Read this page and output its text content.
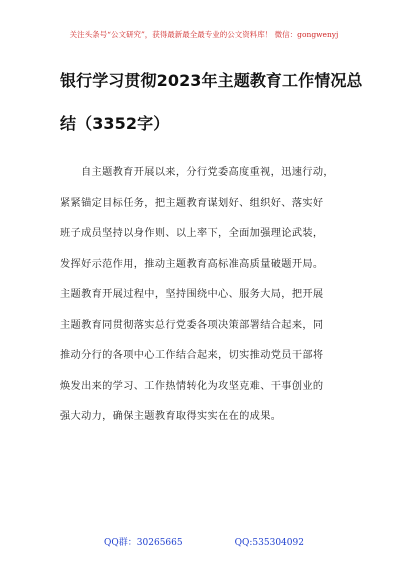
关注头条号“公文研究”，获得最新最全最专业的公文资料库！ 微信：gongwenyj
银行学习贯彻2023年主题教育工作情况总
结（3352字）
自主题教育开展以来，分行党委高度重视，迅速行动，
紧紧锚定目标任务，把主题教育谋划好、组织好、落实好
班子成员坚持以身作则、以上率下，全面加强理论武装，
发挥好示范作用，推动主题教育高标准高质量破题开局。
主题教育开展过程中，坚持围绕中心、服务大局，把开展
主题教育同贯彻落实总行党委各项决策部署结合起来，同
推动分行的各项中心工作结合起来，切实推动党员干部将
焕发出来的学习、工作热情转化为攻坚克难、干事创业的
强大动力，确保主题教育取得实实在在的成果。
QQ群：30265665	QQ:535304092
